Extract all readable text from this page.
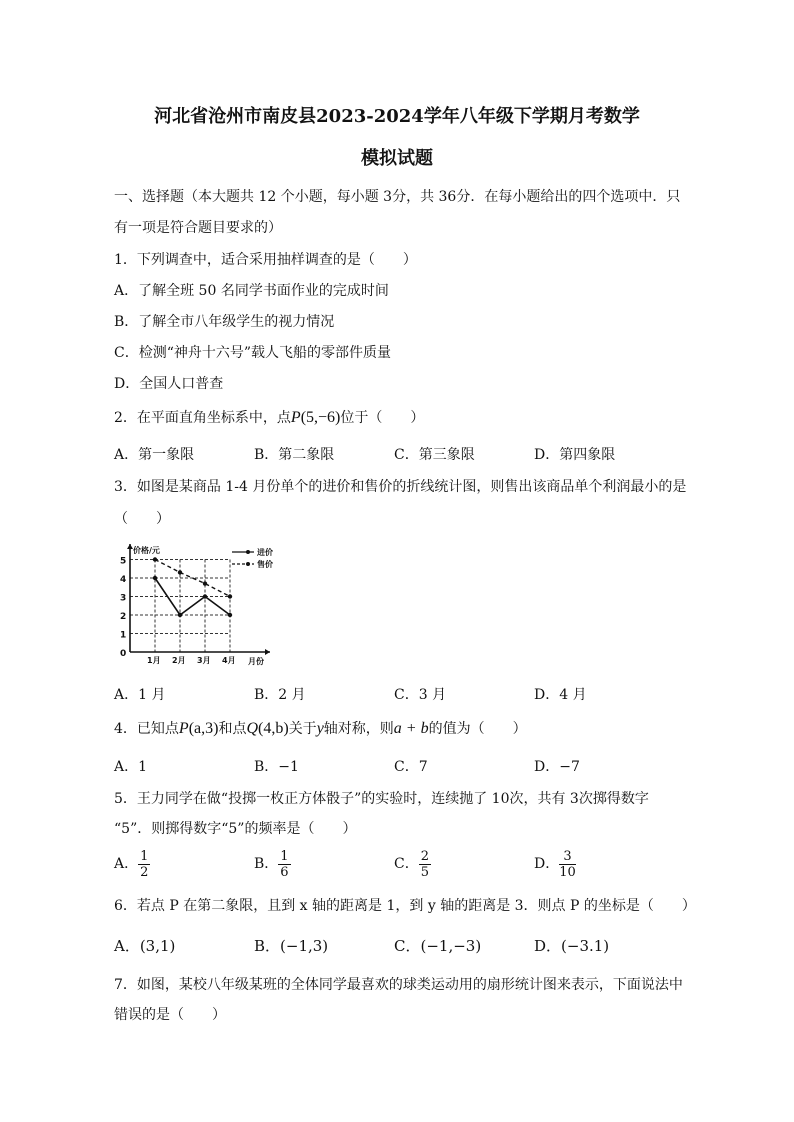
河北省沧州市南皮县2023-2024学年八年级下学期月考数学
模拟试题
一、选择题（本大题共 12 个小题，每小题 3分，共 36分．在每小题给出的四个选项中．只
有一项是符合题目要求的）
1．下列调查中，适合采用抽样调查的是（　　）
A．了解全班 50 名同学书面作业的完成时间
B．了解全市八年级学生的视力情况
C．检测“神舟十六号”载人飞船的零部件质量
D．全国人口普查
2．在平面直角坐标系中，点P(5,−6)位于（　　）
A．第一象限	B．第二象限	C．第三象限	D．第四象限
3．如图是某商品 1-4 月份单个的进价和售价的折线统计图，则售出该商品单个利润最小的是
（　　）
0
1
2
3
4
5
1月 2月 3月 4月
价格/元
月份
进价
售价
A．1 月	B．2 月	C．3 月	D．4 月
4．已知点P(a,3)和点Q(4,b)关于y轴对称，则a + b的值为（　　）
A．1	B．−1	C．7	D．−7
5．王力同学在做“投掷一枚正方体骰子”的实验时，连续抛了 10次，共有 3次掷得数字
“5”．则掷得数字“5”的频率是（　　）
A． $\frac{1}{2}$	B． $\frac{1}{6}$	C． $\frac{2}{5}$	D． $\frac{3}{10}$
6．若点 P 在第二象限，且到 x 轴的距离是 1，到 y 轴的距离是 3．则点 P 的坐标是（　　）
A．(3,1)	B．(−1,3)	C．(−1,−3)	D．(−3.1)
7．如图，某校八年级某班的全体同学最喜欢的球类运动用的扇形统计图来表示，下面说法中
错误的是（　　）
